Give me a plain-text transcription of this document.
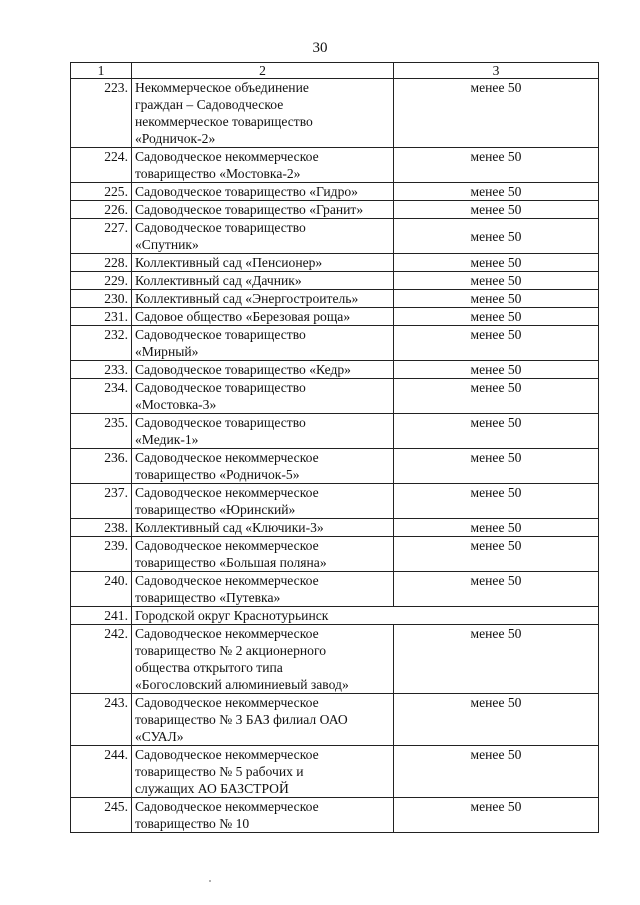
30
1	2	3
223.	Некоммерческое объединение
граждан – Садоводческое
некоммерческое товарищество
«Родничок-2»	менее 50
224.	Садоводческое некоммерческое
товарищество «Мостовка-2»	менее 50
225.	Садоводческое товарищество «Гидро»	менее 50
226.	Садоводческое товарищество «Гранит»	менее 50
227.	Садоводческое товарищество
«Спутник»	менее 50
228.	Коллективный сад «Пенсионер»	менее 50
229.	Коллективный сад «Дачник»	менее 50
230.	Коллективный сад «Энергостроитель»	менее 50
231.	Садовое общество «Березовая роща»	менее 50
232.	Садоводческое товарищество
«Мирный»	менее 50
233.	Садоводческое товарищество «Кедр»	менее 50
234.	Садоводческое товарищество
«Мостовка-3»	менее 50
235.	Садоводческое товарищество
«Медик-1»	менее 50
236.	Садоводческое некоммерческое
товарищество «Родничок-5»	менее 50
237.	Садоводческое некоммерческое
товарищество «Юринский»	менее 50
238.	Коллективный сад «Ключики-3»	менее 50
239.	Садоводческое некоммерческое
товарищество «Большая поляна»	менее 50
240.	Садоводческое некоммерческое
товарищество «Путевка»	менее 50
241.	Городской округ Краснотурьинск	
242.	Садоводческое некоммерческое
товарищество № 2 акционерного
общества открытого типа
«Богословский алюминиевый завод»	менее 50
243.	Садоводческое некоммерческое
товарищество № 3 БАЗ филиал ОАО
«СУАЛ»	менее 50
244.	Садоводческое некоммерческое
товарищество № 5 рабочих и
служащих АО БАЗСТРОЙ	менее 50
245.	Садоводческое некоммерческое
товарищество № 10	менее 50
